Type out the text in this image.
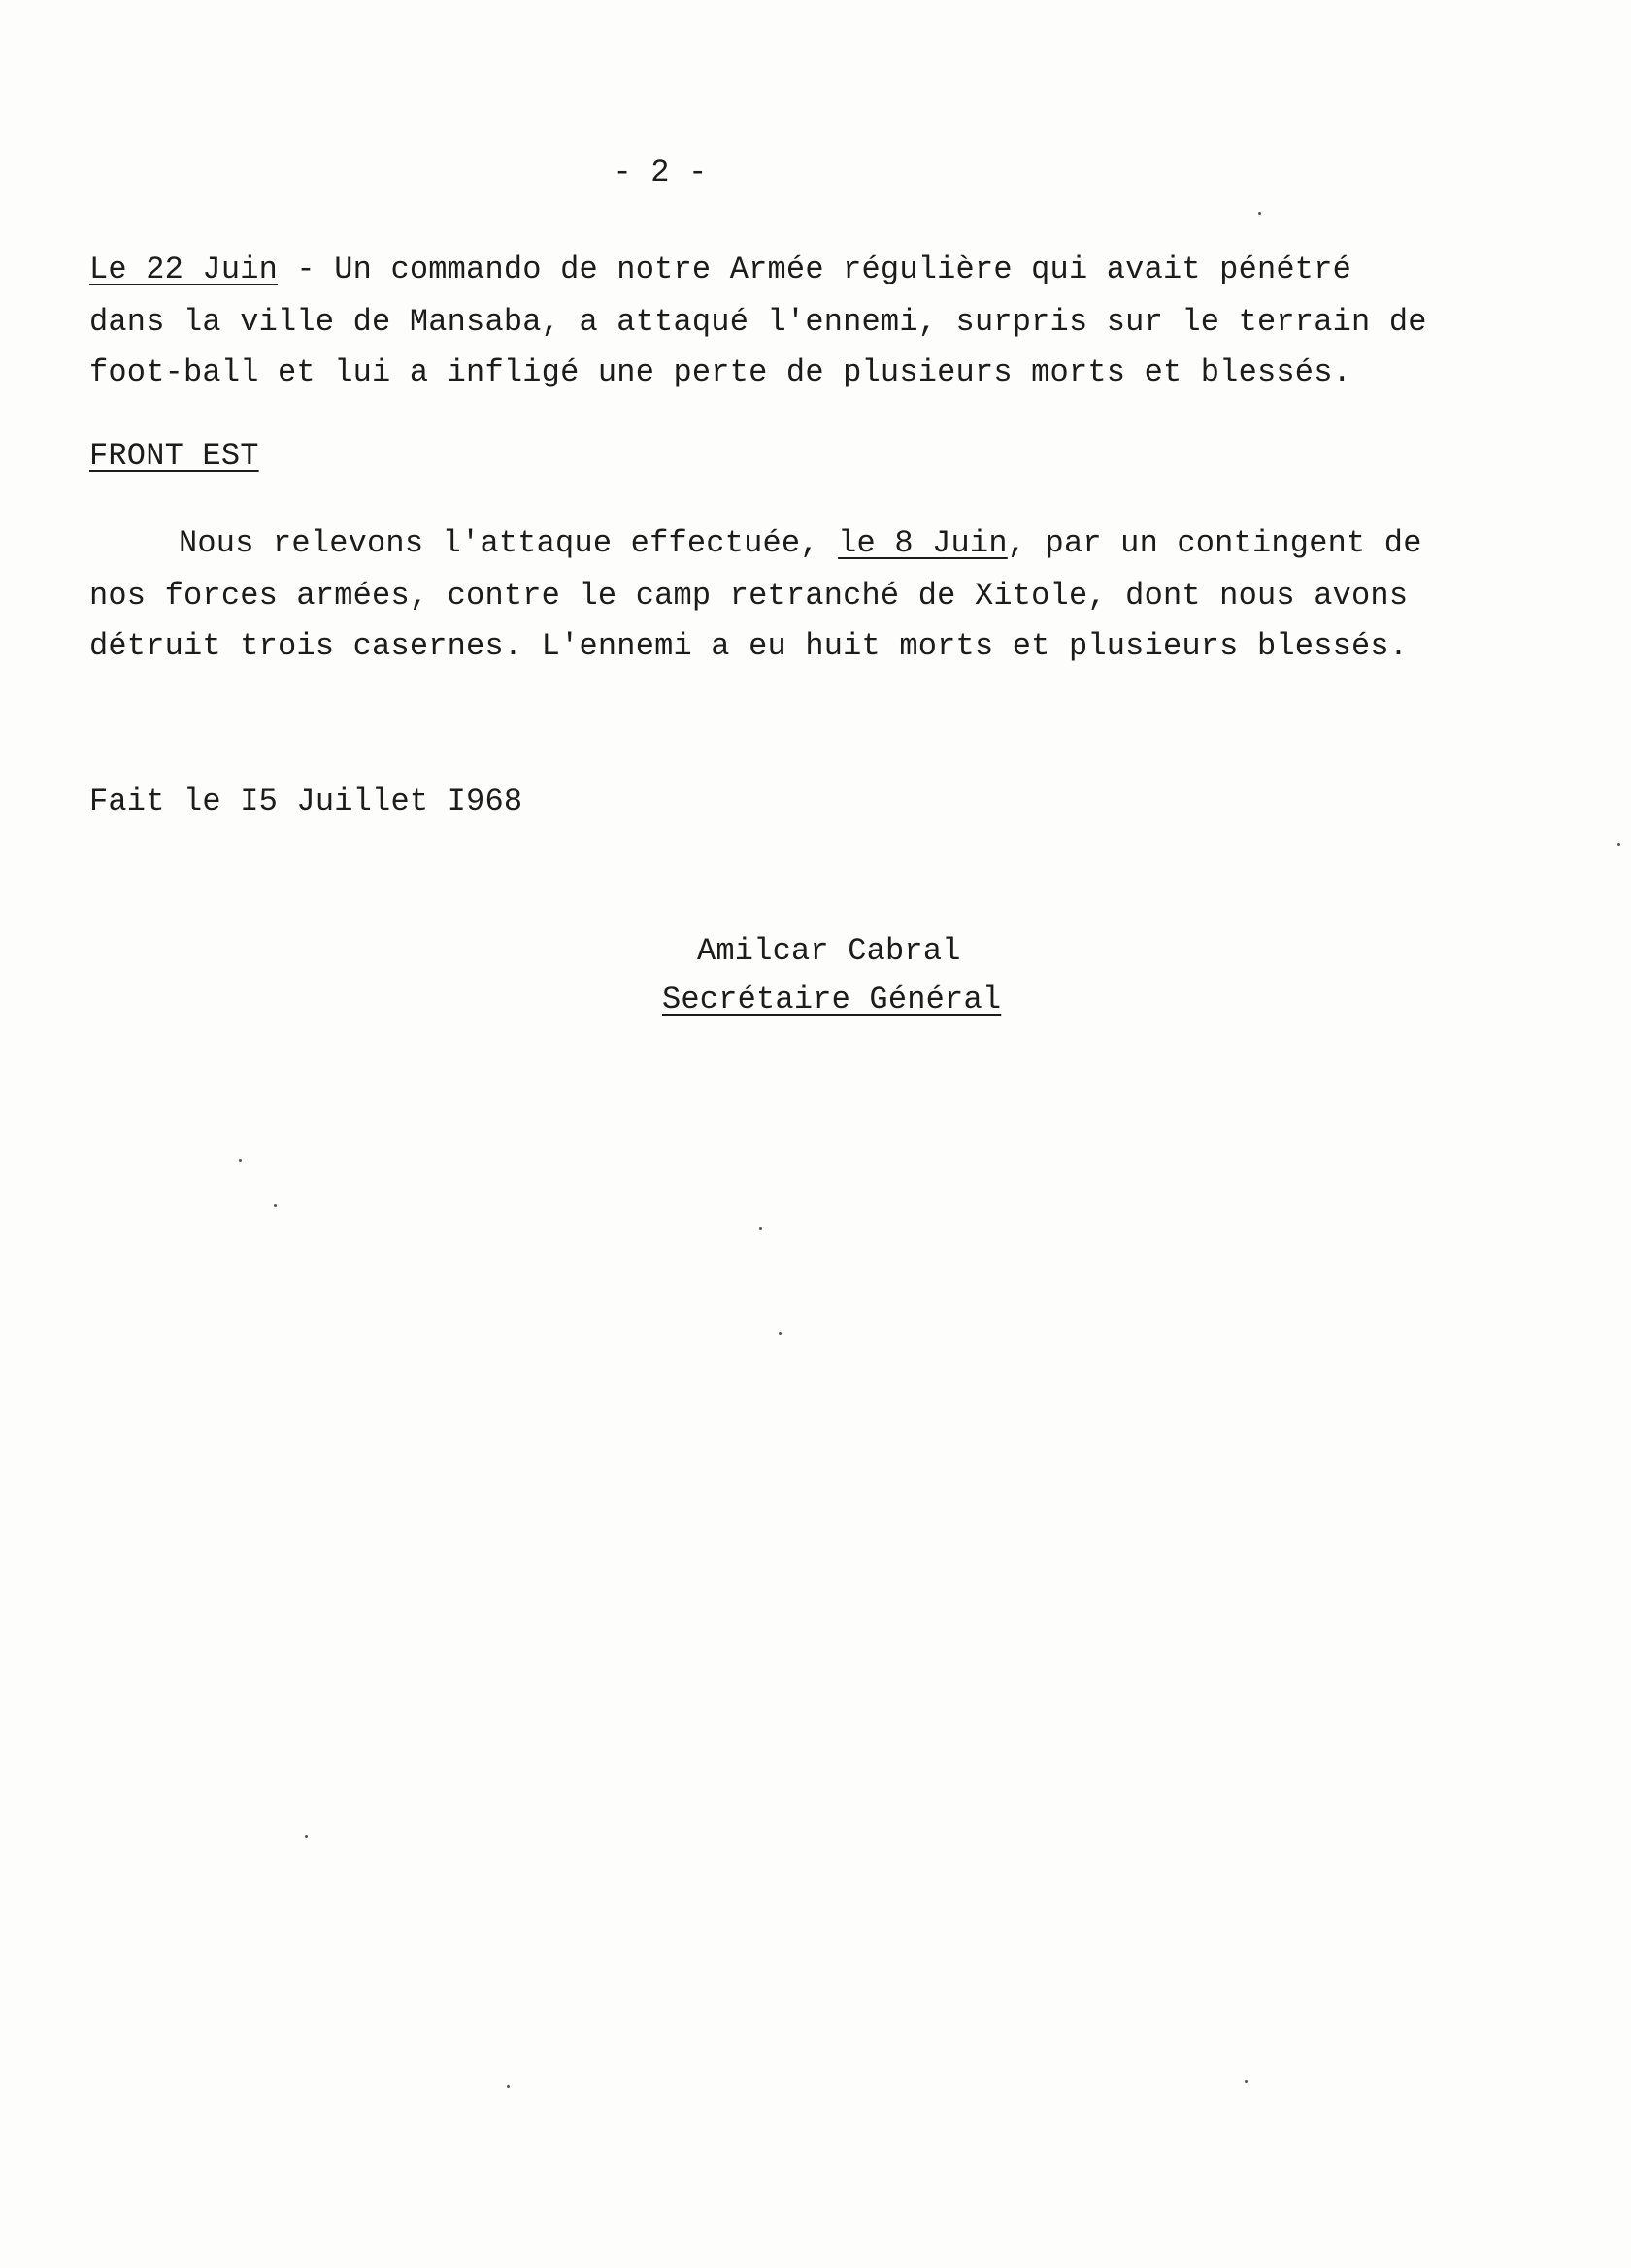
- 2 -
Le 22 Juin - Un commando de notre Armée régulière qui avait pénétré
dans la ville de Mansaba, a attaqué l'ennemi, surpris sur le terrain de
foot-ball et lui a infligé une perte de plusieurs morts et blessés.
FRONT EST
Nous relevons l'attaque effectuée, le 8 Juin, par un contingent de
nos forces armées, contre le camp retranché de Xitole, dont nous avons
détruit trois casernes. L'ennemi a eu huit morts et plusieurs blessés.
Fait le I5 Juillet I968
Amilcar Cabral
Secrétaire Général
